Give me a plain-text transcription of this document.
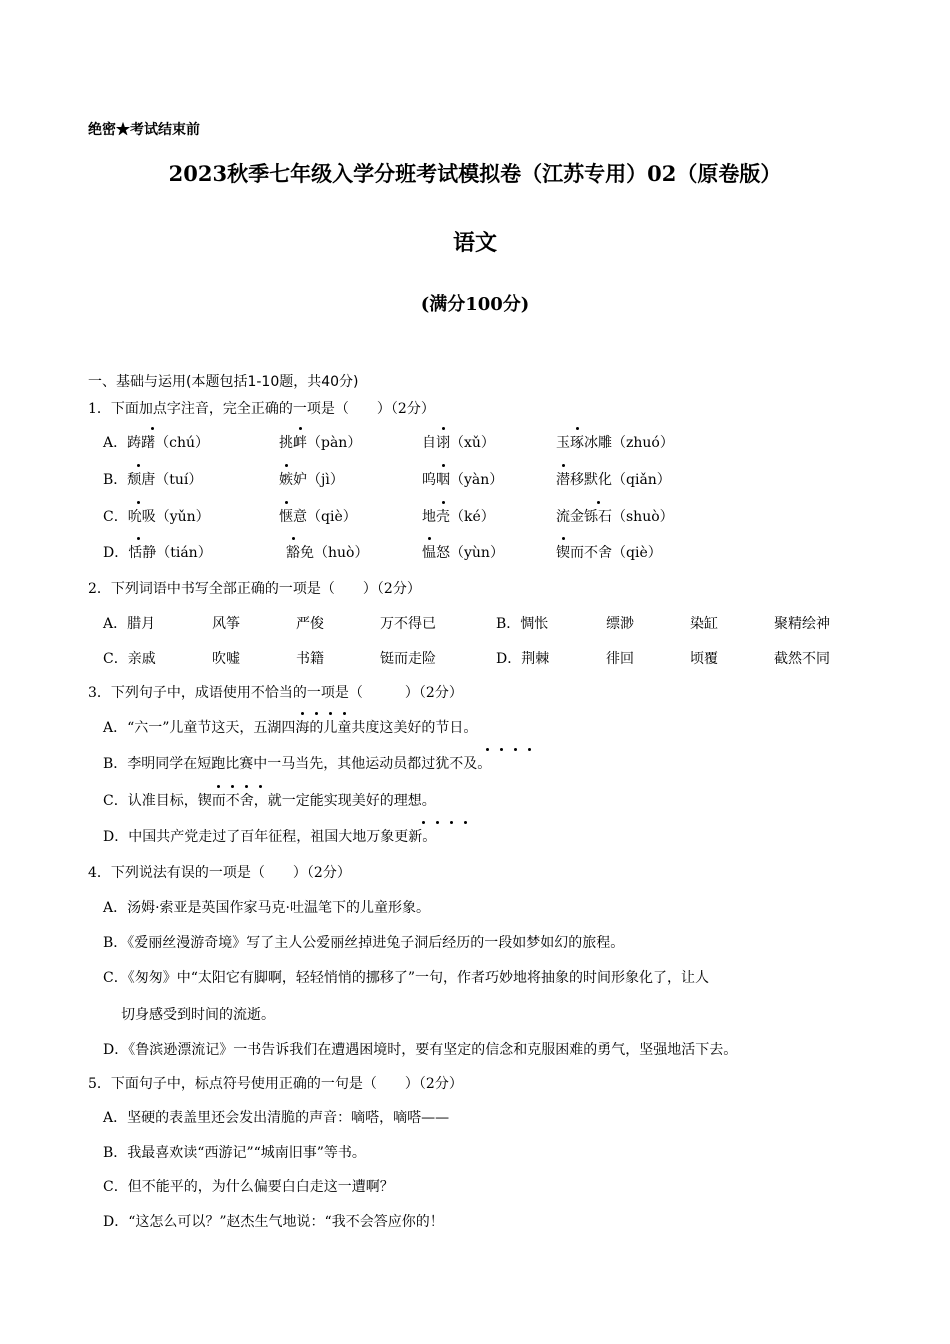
绝密★考试结束前
2023秋季七年级入学分班考试模拟卷（江苏专用）02（原卷版）
语文
(满分100分)
一、基础与运用(本题包括1-10题，共40分)
1．下面加点字注音，完全正确的一项是（　　）（2分）
A．踌躇（chú）	挑衅（pàn）	自诩（xǔ）	玉琢冰雕（zhuó）
B．颓唐（tuí）	嫉妒（jì）	呜咽（yàn）	潜移默化（qiǎn）
C．吮吸（yǔn）	惬意（qiè）	地壳（ké）	流金铄石（shuò）
D．恬静（tián）	豁免（huò）	愠怒（yùn）	锲而不舍（qiè）
2．下列词语中书写全部正确的一项是（　　）（2分）
A．腊月	风筝	严俊	万不得已	B．惆怅	缥渺	染缸	聚精绘神
C．亲戚	吹嘘	书籍	铤而走险	D．荆棘	徘回	顷覆	截然不同
3．下列句子中，成语使用不恰当的一项是（　　　）（2分）
A．“六一”儿童节这天，五湖四海的儿童共度这美好的节日。
B．李明同学在短跑比赛中一马当先，其他运动员都过犹不及。
C．认准目标，锲而不舍，就一定能实现美好的理想。
D．中国共产党走过了百年征程，祖国大地万象更新。
4．下列说法有误的一项是（　　）（2分）
A．汤姆·索亚是英国作家马克·吐温笔下的儿童形象。
B．《爱丽丝漫游奇境》写了主人公爱丽丝掉进兔子洞后经历的一段如梦如幻的旅程。
C．《匆匆》中“太阳它有脚啊，轻轻悄悄的挪移了”一句，作者巧妙地将抽象的时间形象化了，让人
切身感受到时间的流逝。
D．《鲁滨逊漂流记》一书告诉我们在遭遇困境时，要有坚定的信念和克服困难的勇气，坚强地活下去。
5．下面句子中，标点符号使用正确的一句是（　　）（2分）
A．坚硬的表盖里还会发出清脆的声音：嘀嗒，嘀嗒——
B．我最喜欢读“西游记”“城南旧事”等书。
C．但不能平的，为什么偏要白白走这一遭啊？
D．“这怎么可以？”赵杰生气地说：“我不会答应你的！
